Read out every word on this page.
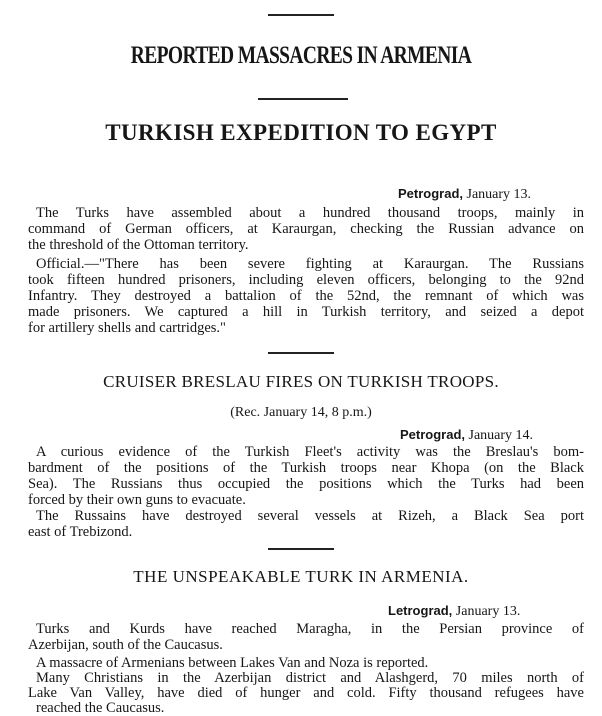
REPORTED MASSACRES IN ARMENIA
TURKISH EXPEDITION TO EGYPT
Petrograd, January 13.
The Turks have assembled about a hundred thousand troops, mainly in
command of German officers, at Karaurgan, checking the Russian advance on
the threshold of the Ottoman territory.
Official.—"There has been severe fighting at Karaurgan. The Russians
took fifteen hundred prisoners, including eleven officers, belonging to the 92nd
Infantry. They destroyed a battalion of the 52nd, the remnant of which was
made prisoners. We captured a hill in Turkish territory, and seized a depot
for artillery shells and cartridges."
CRUISER BRESLAU FIRES ON TURKISH TROOPS.
(Rec. January 14, 8 p.m.)
Petrograd, January 14.
A curious evidence of the Turkish Fleet's activity was the Breslau's bom-
bardment of the positions of the Turkish troops near Khopa (on the Black
Sea). The Russians thus occupied the positions which the Turks had been
forced by their own guns to evacuate.
The Russains have destroyed several vessels at Rizeh, a Black Sea port
east of Trebizond.
THE UNSPEAKABLE TURK IN ARMENIA.
Letrograd, January 13.
Turks and Kurds have reached Maragha, in the Persian province of
Azerbijan, south of the Caucasus.
A massacre of Armenians between Lakes Van and Noza is reported.
Many Christians in the Azerbijan district and Alashgerd, 70 miles north of
Lake Van Valley, have died of hunger and cold. Fifty thousand refugees have
reached the Caucasus.
